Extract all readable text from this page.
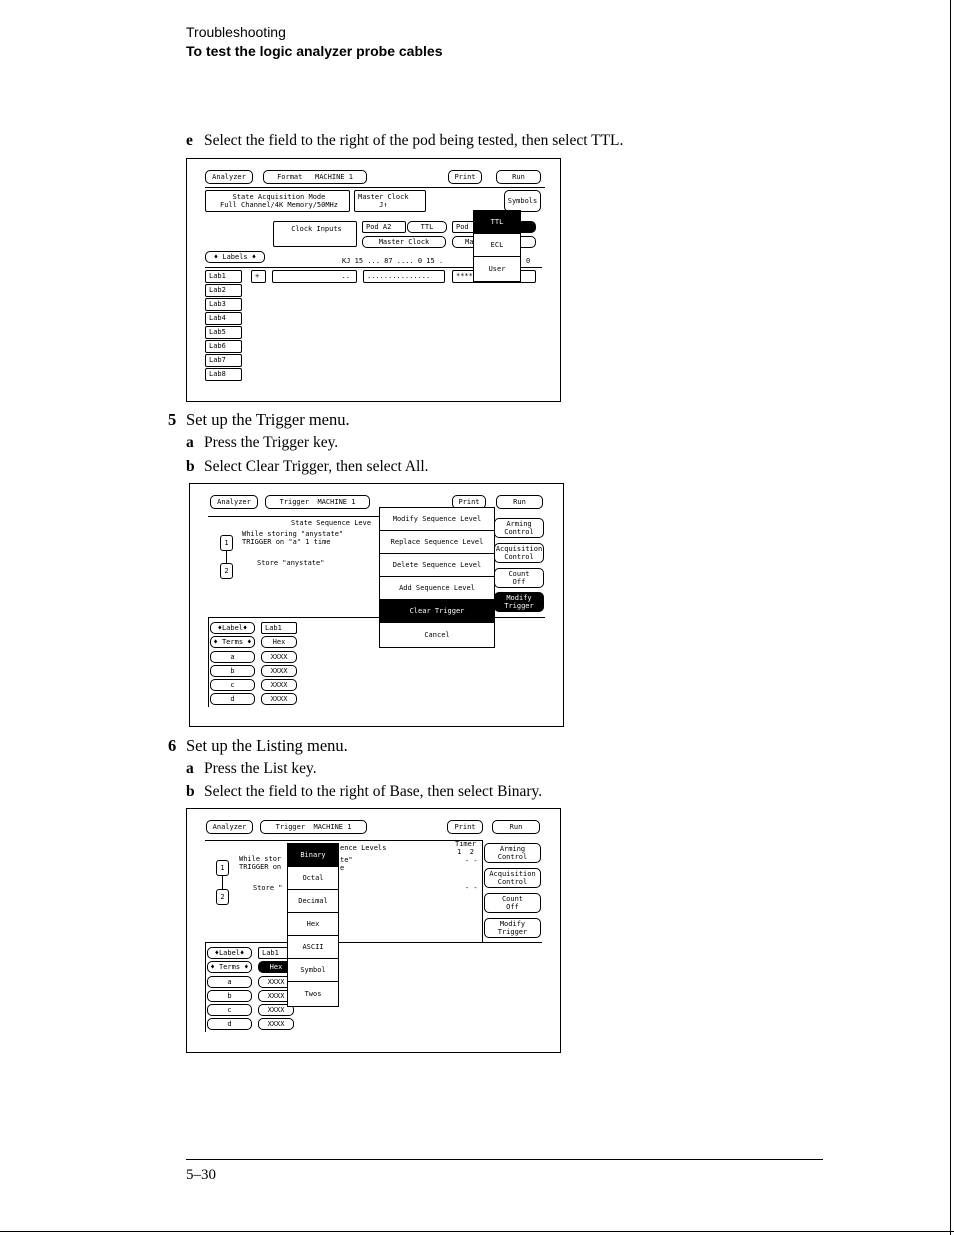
Troubleshooting
To test the logic analyzer probe cables
e Select the field to the right of the pod being tested, then select TTL.
Analyzer	Format   MACHINE 1	Print	Run
State Acquisition Mode
Full Channel/4K Memory/50MHz
Master Clock
J↑
Symbols
Clock Inputs	Pod A2	TTL	Pod
Master Clock	Ma
♦ Labels ♦
KJ 15 ... 87 .... 0 15 .	0
Lab1
Lab2
Lab3
Lab4
Lab5
Lab6
Lab7
Lab8
+	..	...............	****
TTL
ECL
User
5 Set up the Trigger menu.
a Press the Trigger key.
b Select Clear Trigger, then select All.
Analyzer	Trigger  MACHINE 1	Print	Run
State Sequence Leve
1
2
While storing "anystate"
TRIGGER on "a" 1 time
Store "anystate"
Arming
Control
Acquisition
Control
Count
Off
Modify
Trigger
♦Label♦
♦ Terms ♦
a
b
c
d
Lab1
Hex
XXXX
XXXX
XXXX
XXXX
Modify Sequence Level
Replace Sequence Level
Delete Sequence Level
Add Sequence Level
Clear Trigger
Cancel
6 Set up the Listing menu.
a Press the List key.
b Select the field to the right of Base, then select Binary.
Analyzer	Trigger  MACHINE 1	Print	Run
ence Levels	Timer
1  2
- -
- -
1
2
While stor
TRIGGER on
te"
e
Store "
Arming
Control
Acquisition
Control
Count
Off
Modify
Trigger
♦Label♦
♦ Terms ♦
a
b
c
d
Lab1
Hex
XXXX
XXXX
XXXX
XXXX
Binary
Octal
Decimal
Hex
ASCII
Symbol
Twos
5–30
